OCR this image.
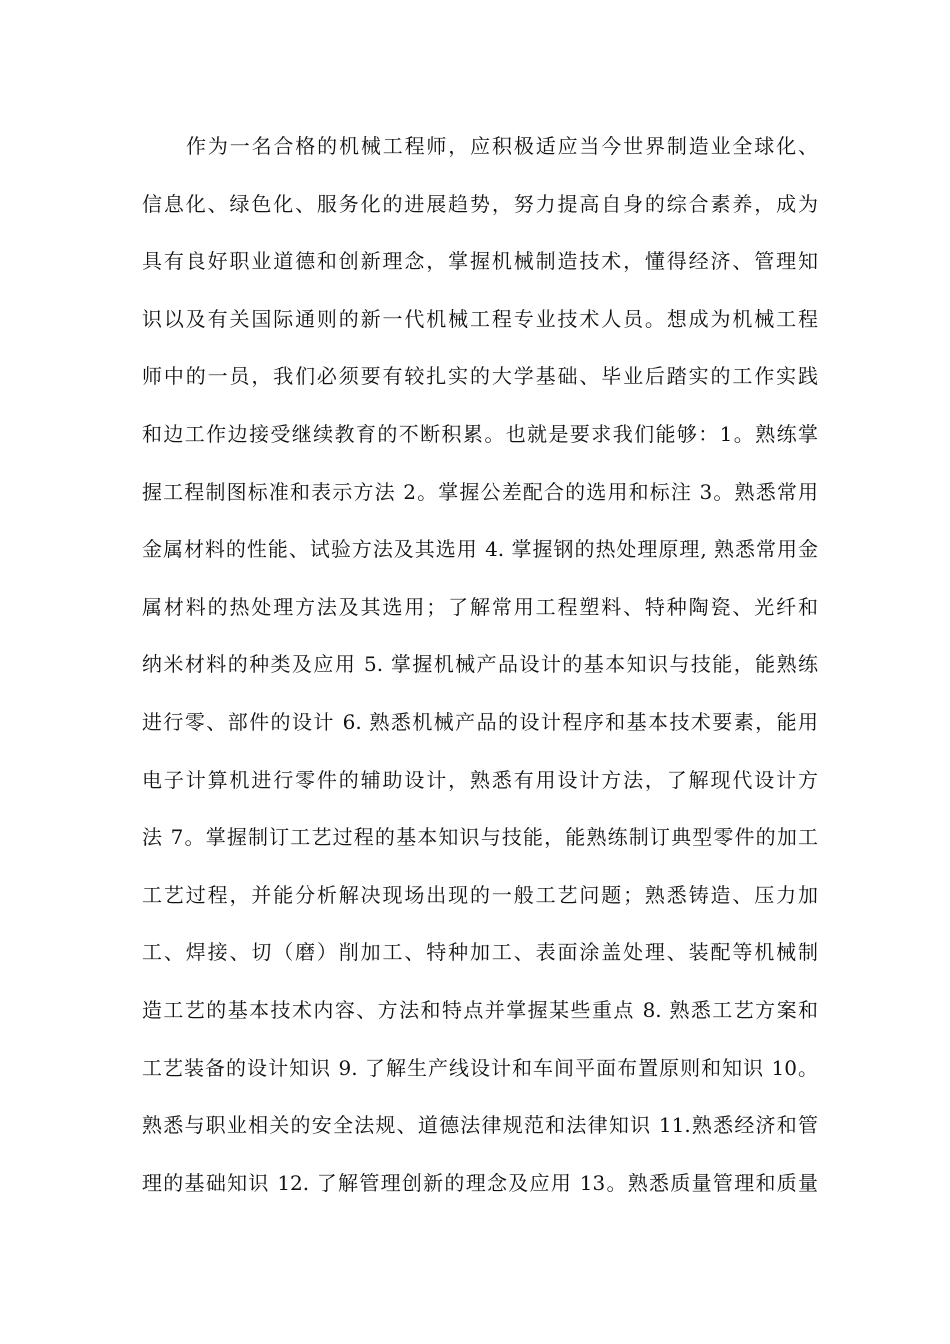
作为一名合格的机械工程师，应积极适应当今世界制造业全球化、
信息化、绿色化、服务化的进展趋势，努力提高自身的综合素养，成为
具有良好职业道德和创新理念，掌握机械制造技术，懂得经济、管理知
识以及有关国际通则的新一代机械工程专业技术人员。想成为机械工程
师中的一员，我们必须要有较扎实的大学基础、毕业后踏实的工作实践
和边工作边接受继续教育的不断积累。也就是要求我们能够：1。熟练掌
握工程制图标准和表示方法 2。掌握公差配合的选用和标注 3。熟悉常用
金属材料的性能、试验方法及其选用 4. 掌握钢的热处理原理, 熟悉常用金
属材料的热处理方法及其选用；了解常用工程塑料、特种陶瓷、光纤和
纳米材料的种类及应用 5. 掌握机械产品设计的基本知识与技能，能熟练
进行零、部件的设计 6. 熟悉机械产品的设计程序和基本技术要素，能用
电子计算机进行零件的辅助设计，熟悉有用设计方法，了解现代设计方
法 7。掌握制订工艺过程的基本知识与技能，能熟练制订典型零件的加工
工艺过程，并能分析解决现场出现的一般工艺问题；熟悉铸造、压力加
工、焊接、切（磨）削加工、特种加工、表面涂盖处理、装配等机械制
造工艺的基本技术内容、方法和特点并掌握某些重点 8. 熟悉工艺方案和
工艺装备的设计知识 9. 了解生产线设计和车间平面布置原则和知识 10。
熟悉与职业相关的安全法规、道德法律规范和法律知识 11.熟悉经济和管
理的基础知识 12. 了解管理创新的理念及应用 13。熟悉质量管理和质量
